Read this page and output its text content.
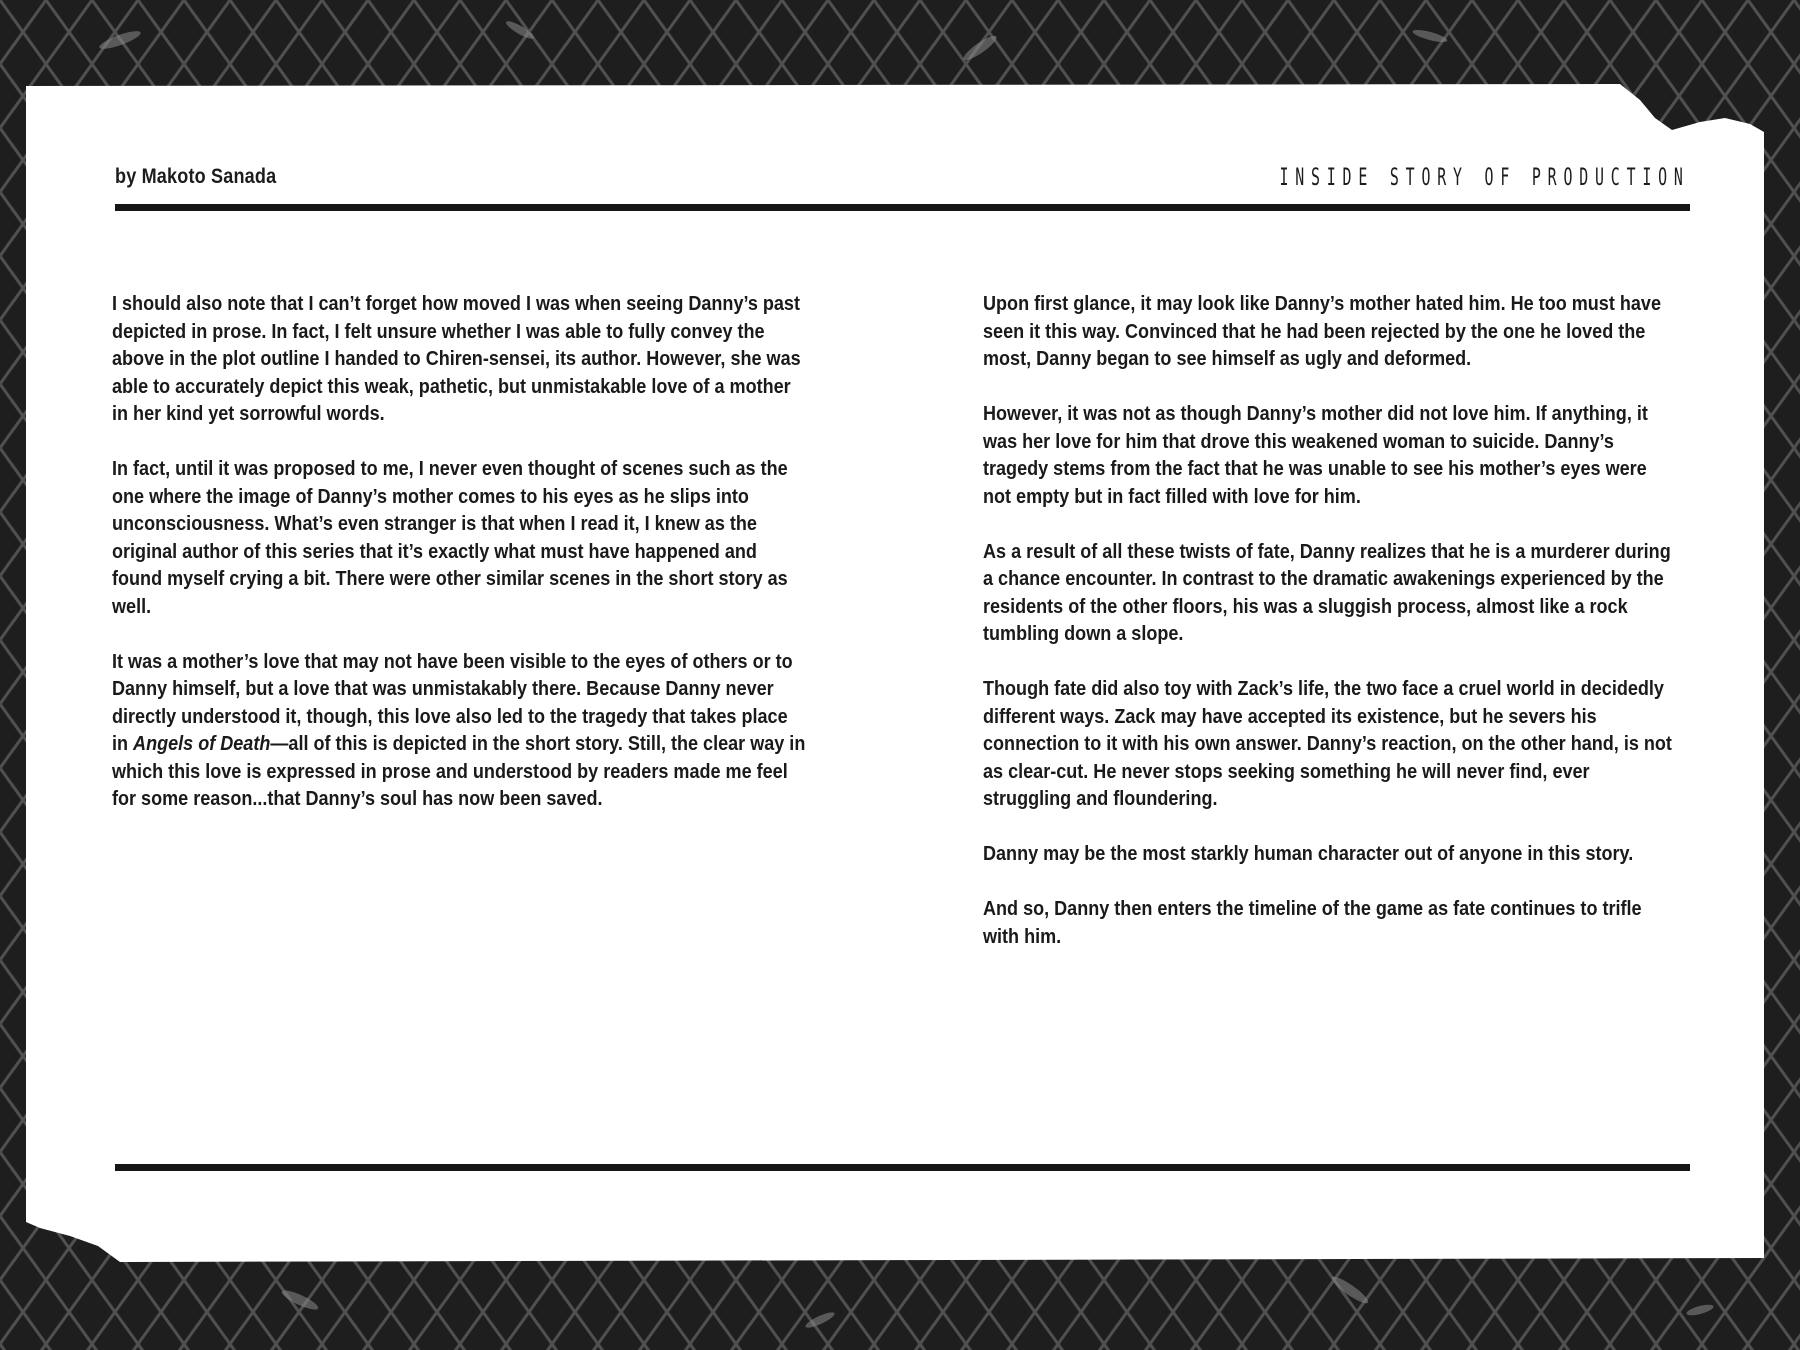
by Makoto Sanada	INSIDE STORY OF PRODUCTION

I should also note that I can’t forget how moved I was when seeing Danny’s past depicted in prose. In fact, I felt unsure whether I was able to fully convey the above in the plot outline I handed to Chiren-sensei, its author. However, she was able to accurately depict this weak, pathetic, but unmistakable love of a mother in her kind yet sorrowful words.

In fact, until it was proposed to me, I never even thought of scenes such as the one where the image of Danny’s mother comes to his eyes as he slips into unconsciousness. What’s even stranger is that when I read it, I knew as the original author of this series that it’s exactly what must have happened and found myself crying a bit. There were other similar scenes in the short story as well.

It was a mother’s love that may not have been visible to the eyes of others or to Danny himself, but a love that was unmistakably there. Because Danny never directly understood it, though, this love also led to the tragedy that takes place in Angels of Death—all of this is depicted in the short story. Still, the clear way in which this love is expressed in prose and understood by readers made me feel for some reason...that Danny’s soul has now been saved.

Upon first glance, it may look like Danny’s mother hated him. He too must have seen it this way. Convinced that he had been rejected by the one he loved the most, Danny began to see himself as ugly and deformed.

However, it was not as though Danny’s mother did not love him. If anything, it was her love for him that drove this weakened woman to suicide. Danny’s tragedy stems from the fact that he was unable to see his mother’s eyes were not empty but in fact filled with love for him.

As a result of all these twists of fate, Danny realizes that he is a murderer during a chance encounter. In contrast to the dramatic awakenings experienced by the residents of the other floors, his was a sluggish process, almost like a rock tumbling down a slope.

Though fate did also toy with Zack’s life, the two face a cruel world in decidedly different ways. Zack may have accepted its existence, but he severs his connection to it with his own answer. Danny’s reaction, on the other hand, is not as clear-cut. He never stops seeking something he will never find, ever struggling and floundering.

Danny may be the most starkly human character out of anyone in this story.

And so, Danny then enters the timeline of the game as fate continues to trifle with him.
